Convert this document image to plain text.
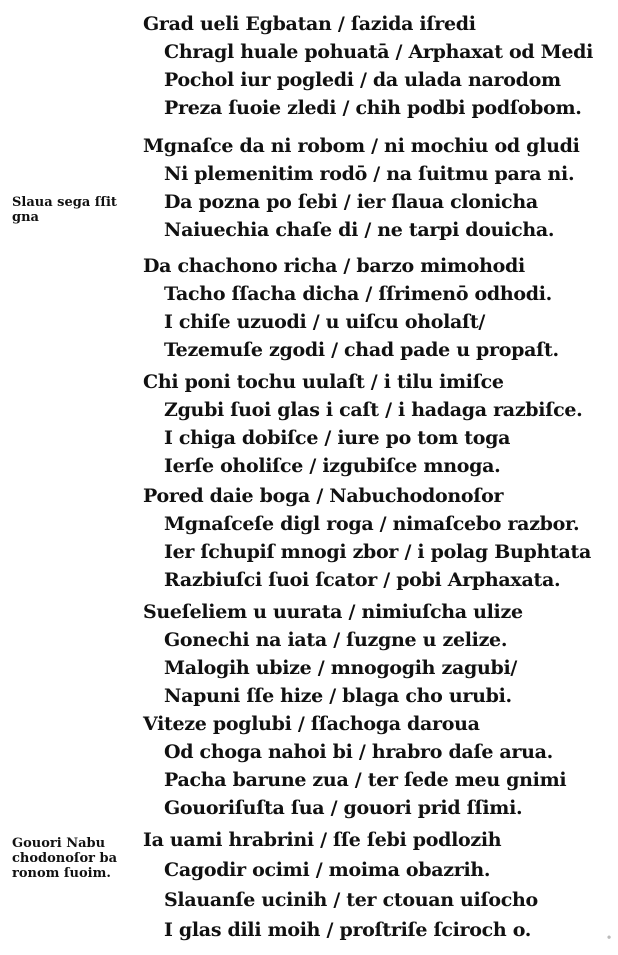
Slaua sega ſſit
gna
Gouori Nabu
chodonoſor ba
ronom ſuoim.
Grad ueli Egbatan / ſazida iſredi
Chragl huale pohuatā / Arphaxat od Medi
Pochol iur pogledi / da ulada narodom
Preza ſuoie zledi / chih podbi podſobom.
Mgnaſce da ni robom / ni mochiu od gludi
Ni plemenitim rodō / na ſuitmu para ni.
Da pozna po ſebi / ier ſlaua clonicha
Naiuechia chaſe di / ne tarpi douicha.
Da chachono richa / barzo mimohodi
Tacho ſſacha dicha / ſſrimenō odhodi.
I chiſe uzuodi / u uiſcu oholaſt/
Tezemuſe zgodi / chad pade u propaſt.
Chi poni tochu uulaſt / i tilu imiſce
Zgubi ſuoi glas i caſt / i hadaga razbiſce.
I chiga dobiſce / iure po tom toga
Ierſe oholiſce / izgubiſce mnoga.
Pored daie boga / Nabuchodonoſor
Mgnaſceſe digl roga / nimaſcebo razbor.
Ier ſchupiſ mnogi zbor / i polag Buphtata
Razbiuſci ſuoi ſcator / pobi Arphaxata.
Sueſeliem u uurata / nimiuſcha ulize
Gonechi na iata / ſuzgne u zelize.
Malogih ubize / mnogogih zagubi/
Napuni ſſe hize / blaga cho urubi.
Viteze poglubi / ſſachoga daroua
Od choga nahoi bi / hrabro daſe arua.
Pacha barune zua / ter ſede meu gnimi
Gouoriſuſta ſua / gouori prid ſſimi.
Ia uami hrabrini / ſſe ſebi podlozih
Cagodir ocimi / moima obazrih.
Slauanſe ucinih / ter ctouan uiſocho
I glas dili moih / proſtriſe ſciroch o.	∙
